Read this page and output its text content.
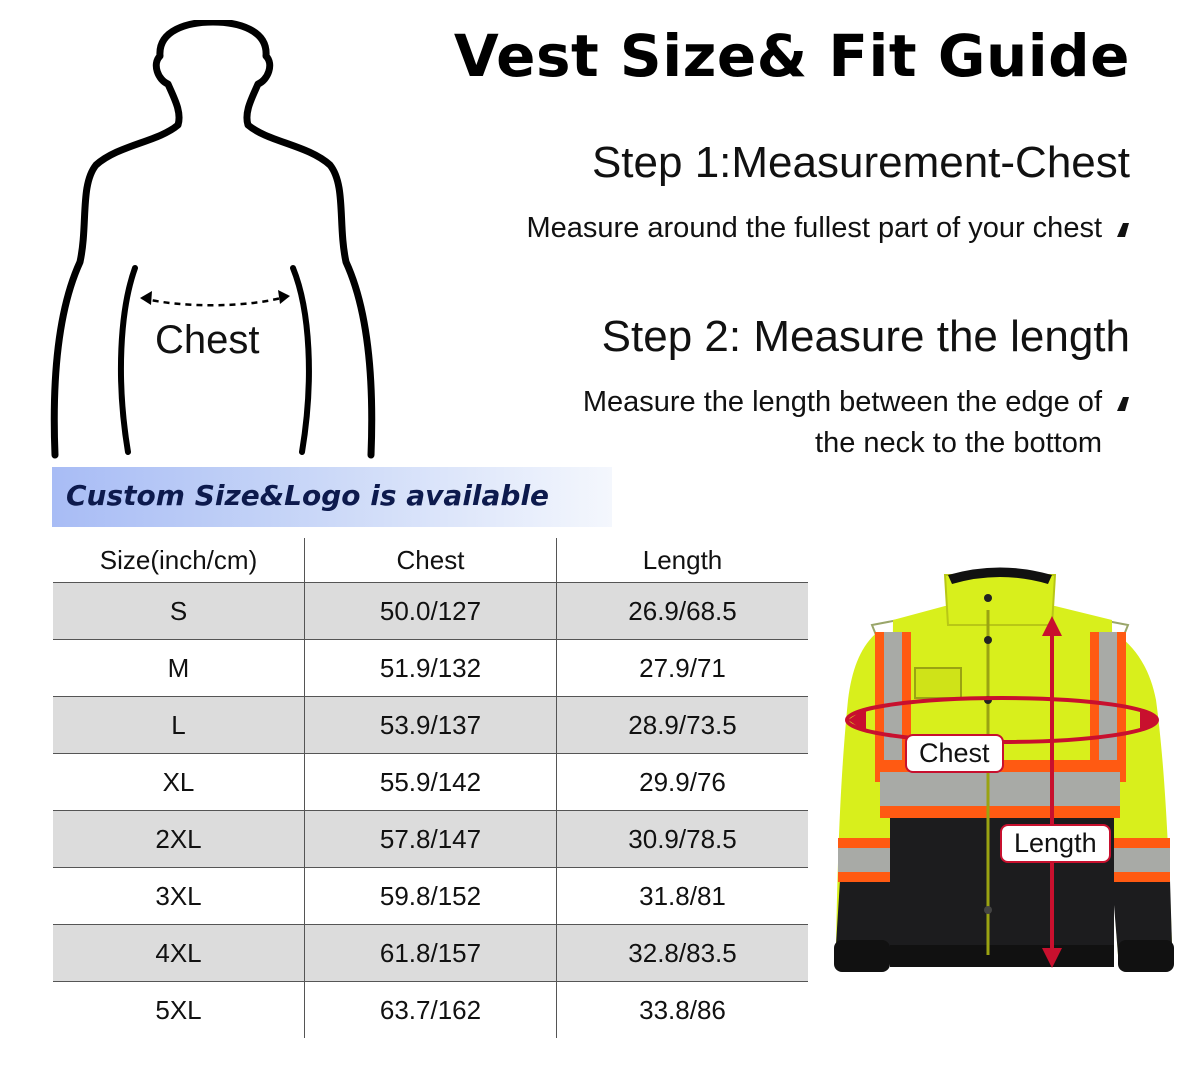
Chest
Vest Size& Fit Guide
Step 1:Measurement-Chest
Measure around the fullest part of your chest
Step 2: Measure the length
Measure the length between the edge of
the neck to the bottom
Custom Size&Logo is available
Size(inch/cm)	Chest	Length
S	50.0/127	26.9/68.5
M	51.9/132	27.9/71
L	53.9/137	28.9/73.5
XL	55.9/142	29.9/76
2XL	57.8/147	30.9/78.5
3XL	59.8/152	31.8/81
4XL	61.8/157	32.8/83.5
5XL	63.7/162	33.8/86
Chest
Length
